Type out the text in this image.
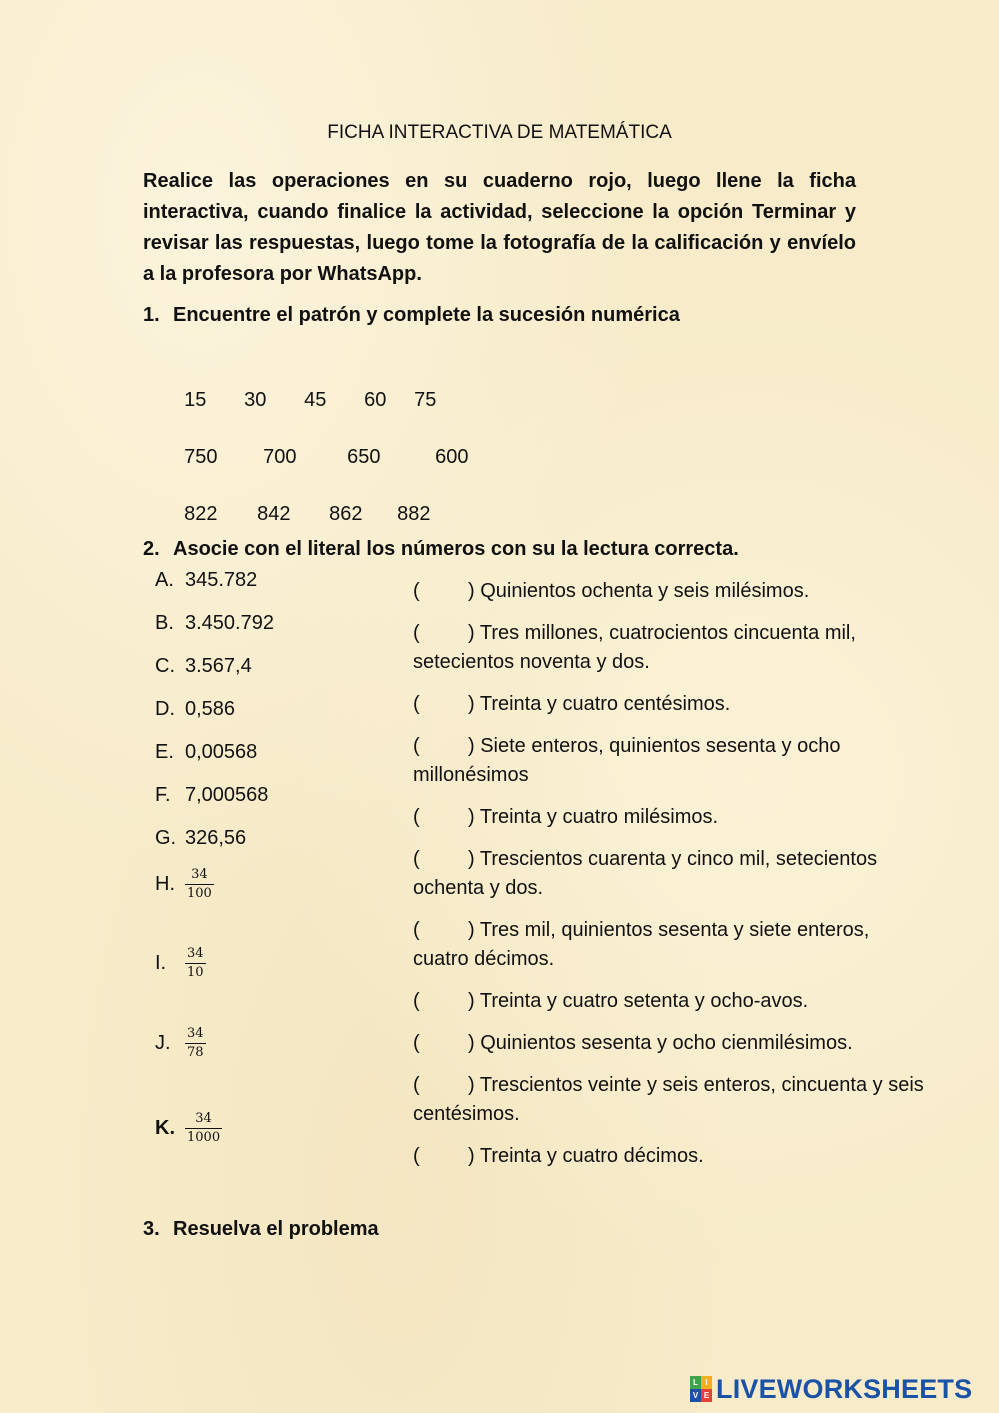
FICHA INTERACTIVA DE MATEMÁTICA
Realice las operaciones en su cuaderno rojo, luego llene la ficha interactiva, cuando finalice la actividad, seleccione la opción Terminar y revisar las respuestas, luego tome la fotografía de la calificación y envíelo a la profesora por WhatsApp.
1. Encuentre el patrón y complete la sucesión numérica

15 30 45 60 75

750 700	650	600

822 842 862 882

2. Asocie con el literal los números con su la lectura correcta.
A. 345.782
B. 3.450.792
C. 3.567,4
D. 0,586
E. 0,00568
F. 7,000568
G. 326,56
H. $\frac{34}{100}$
I. $\frac{34}{10}$
J. $\frac{34}{78}$
K. $\frac{34}{1000}$
( ) Quinientos ochenta y seis milésimos.
( ) Tres millones, cuatrocientos cincuenta mil, setecientos noventa y dos.
( ) Treinta y cuatro centésimos.
( ) Siete enteros, quinientos sesenta y ocho millonésimos
( ) Treinta y cuatro milésimos.
( ) Trescientos cuarenta y cinco mil, setecientos ochenta y dos.
( ) Tres mil, quinientos sesenta y siete enteros, cuatro décimos.
( ) Treinta y cuatro setenta y ocho-avos.
( ) Quinientos sesenta y ocho cienmilésimos.
( ) Trescientos veinte y seis enteros, cincuenta y seis centésimos.
( ) Treinta y cuatro décimos.
3. Resuelva el problema
L I
V E LIVEWORKSHEETS
